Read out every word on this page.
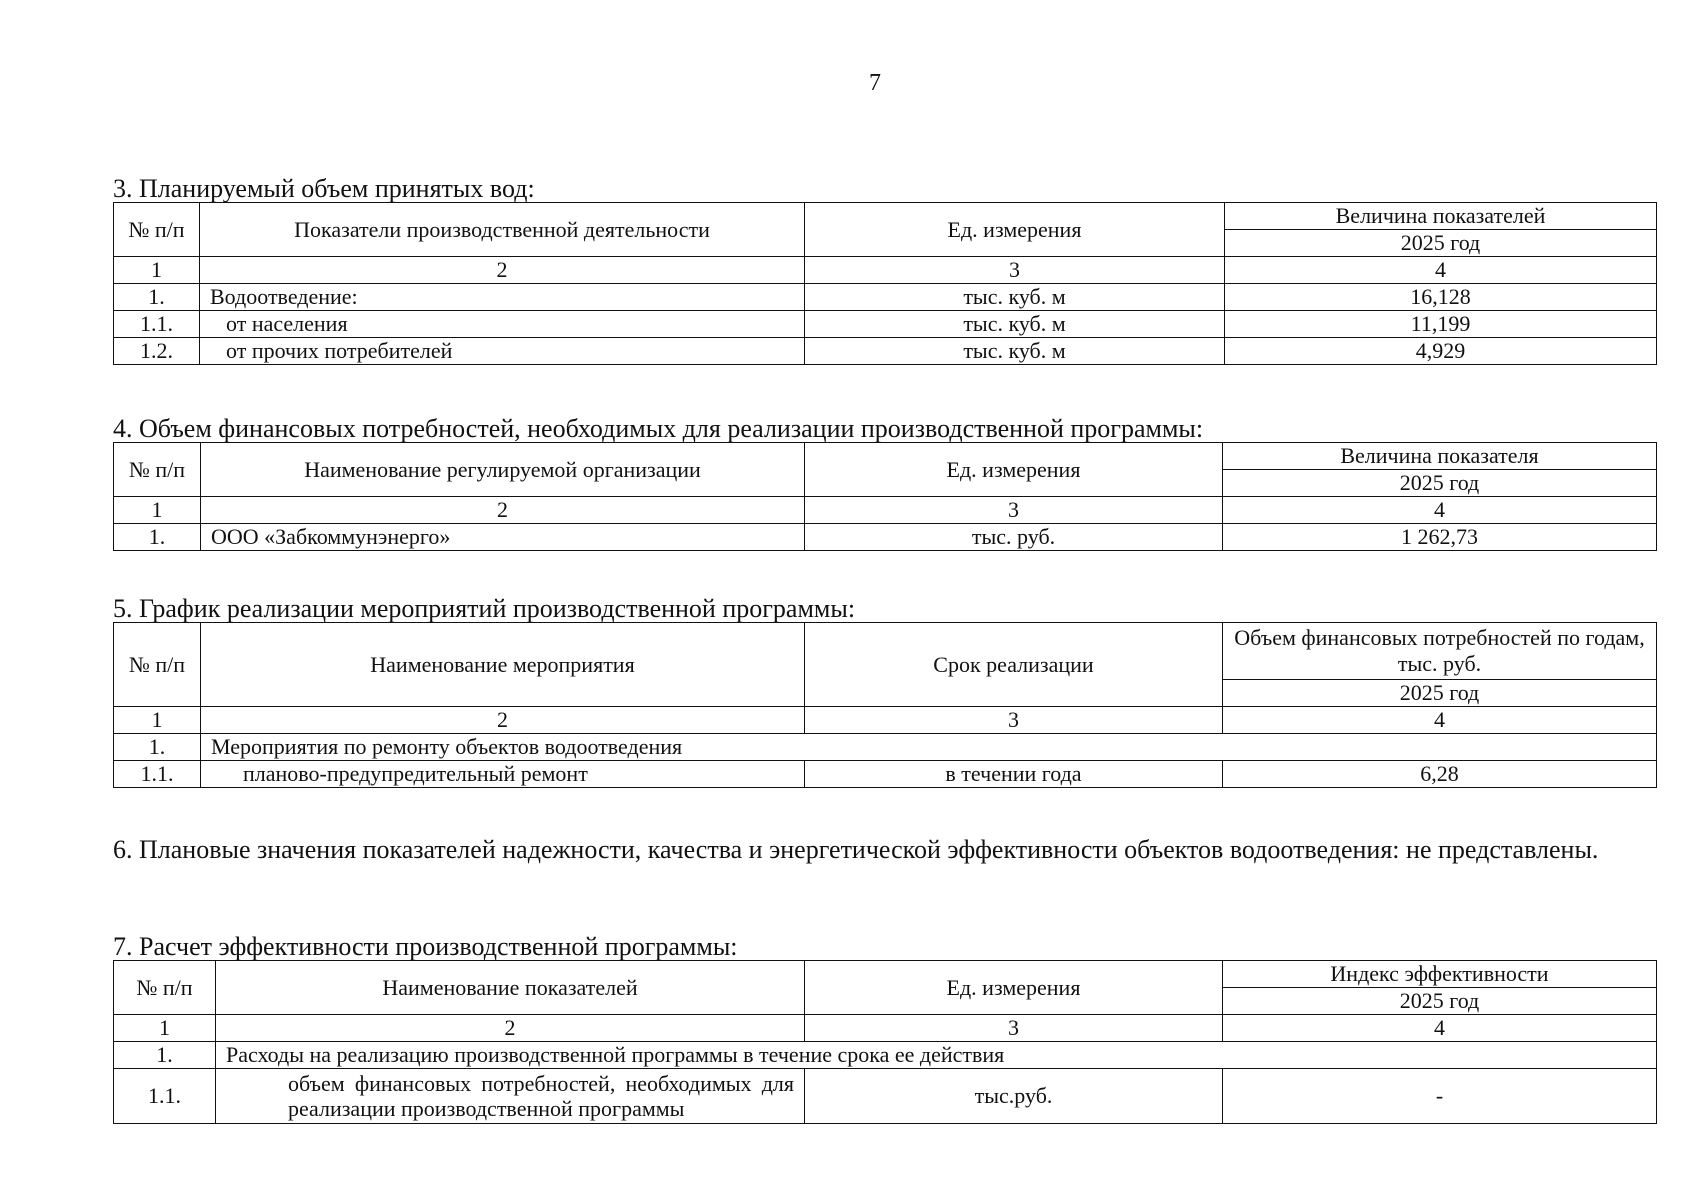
7
3. Планируемый объем принятых вод:
№ п/п	Показатели производственной деятельности	Ед. измерения	Величина показателей
			2025 год
1	2	3	4
1.	Водоотведение:	тыс. куб. м	16,128
1.1.	от населения	тыс. куб. м	11,199
1.2.	от прочих потребителей	тыс. куб. м	4,929
4. Объем финансовых потребностей, необходимых для реализации производственной программы:
№ п/п	Наименование регулируемой организации	Ед. измерения	Величина показателя
			2025 год
1	2	3	4
1.	ООО «Забкоммунэнерго»	тыс. руб.	1 262,73
5. График реализации мероприятий производственной программы:
№ п/п	Наименование мероприятия	Срок реализации	Объем финансовых потребностей по годам, тыс. руб.
			2025 год
1	2	3	4
1.	Мероприятия по ремонту объектов водоотведения		
1.1.	планово-предупредительный ремонт	в течении года	6,28
6. Плановые значения показателей надежности, качества и энергетической эффективности объектов водоотведения: не представлены.
7. Расчет эффективности производственной программы:
№ п/п	Наименование показателей	Ед. измерения	Индекс эффективности
			2025 год
1	2	3	4
1.	Расходы на реализацию производственной программы в течение срока ее действия		
1.1.	объем финансовых потребностей, необходимых для реализации производственной программы	тыс.руб.	-
